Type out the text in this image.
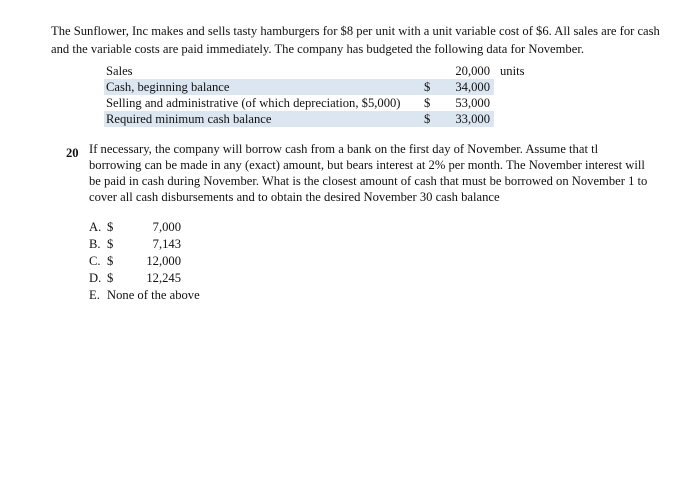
The Sunflower, Inc makes and sells tasty hamburgers for $8 per unit with a unit variable cost of $6. All sales are for cash and the variable costs are paid immediately. The company has budgeted the following data for November.
Sales		20,000	units
Cash, beginning balance	$	34,000	
Selling and administrative (of which depreciation, $5,000)	$	53,000	
Required minimum cash balance	$	33,000	
20 If necessary, the company will borrow cash from a bank on the first day of November. Assume that tl borrowing can be made in any (exact) amount, but bears interest at 2% per month. The November interest will be paid in cash during November. What is the closest amount of cash that must be borrowed on November 1 to cover all cash disbursements and to obtain the desired November 30 cash balance
A. $	7,000
B. $	7,143
C. $	12,000
D. $	12,245
E. None of the above
